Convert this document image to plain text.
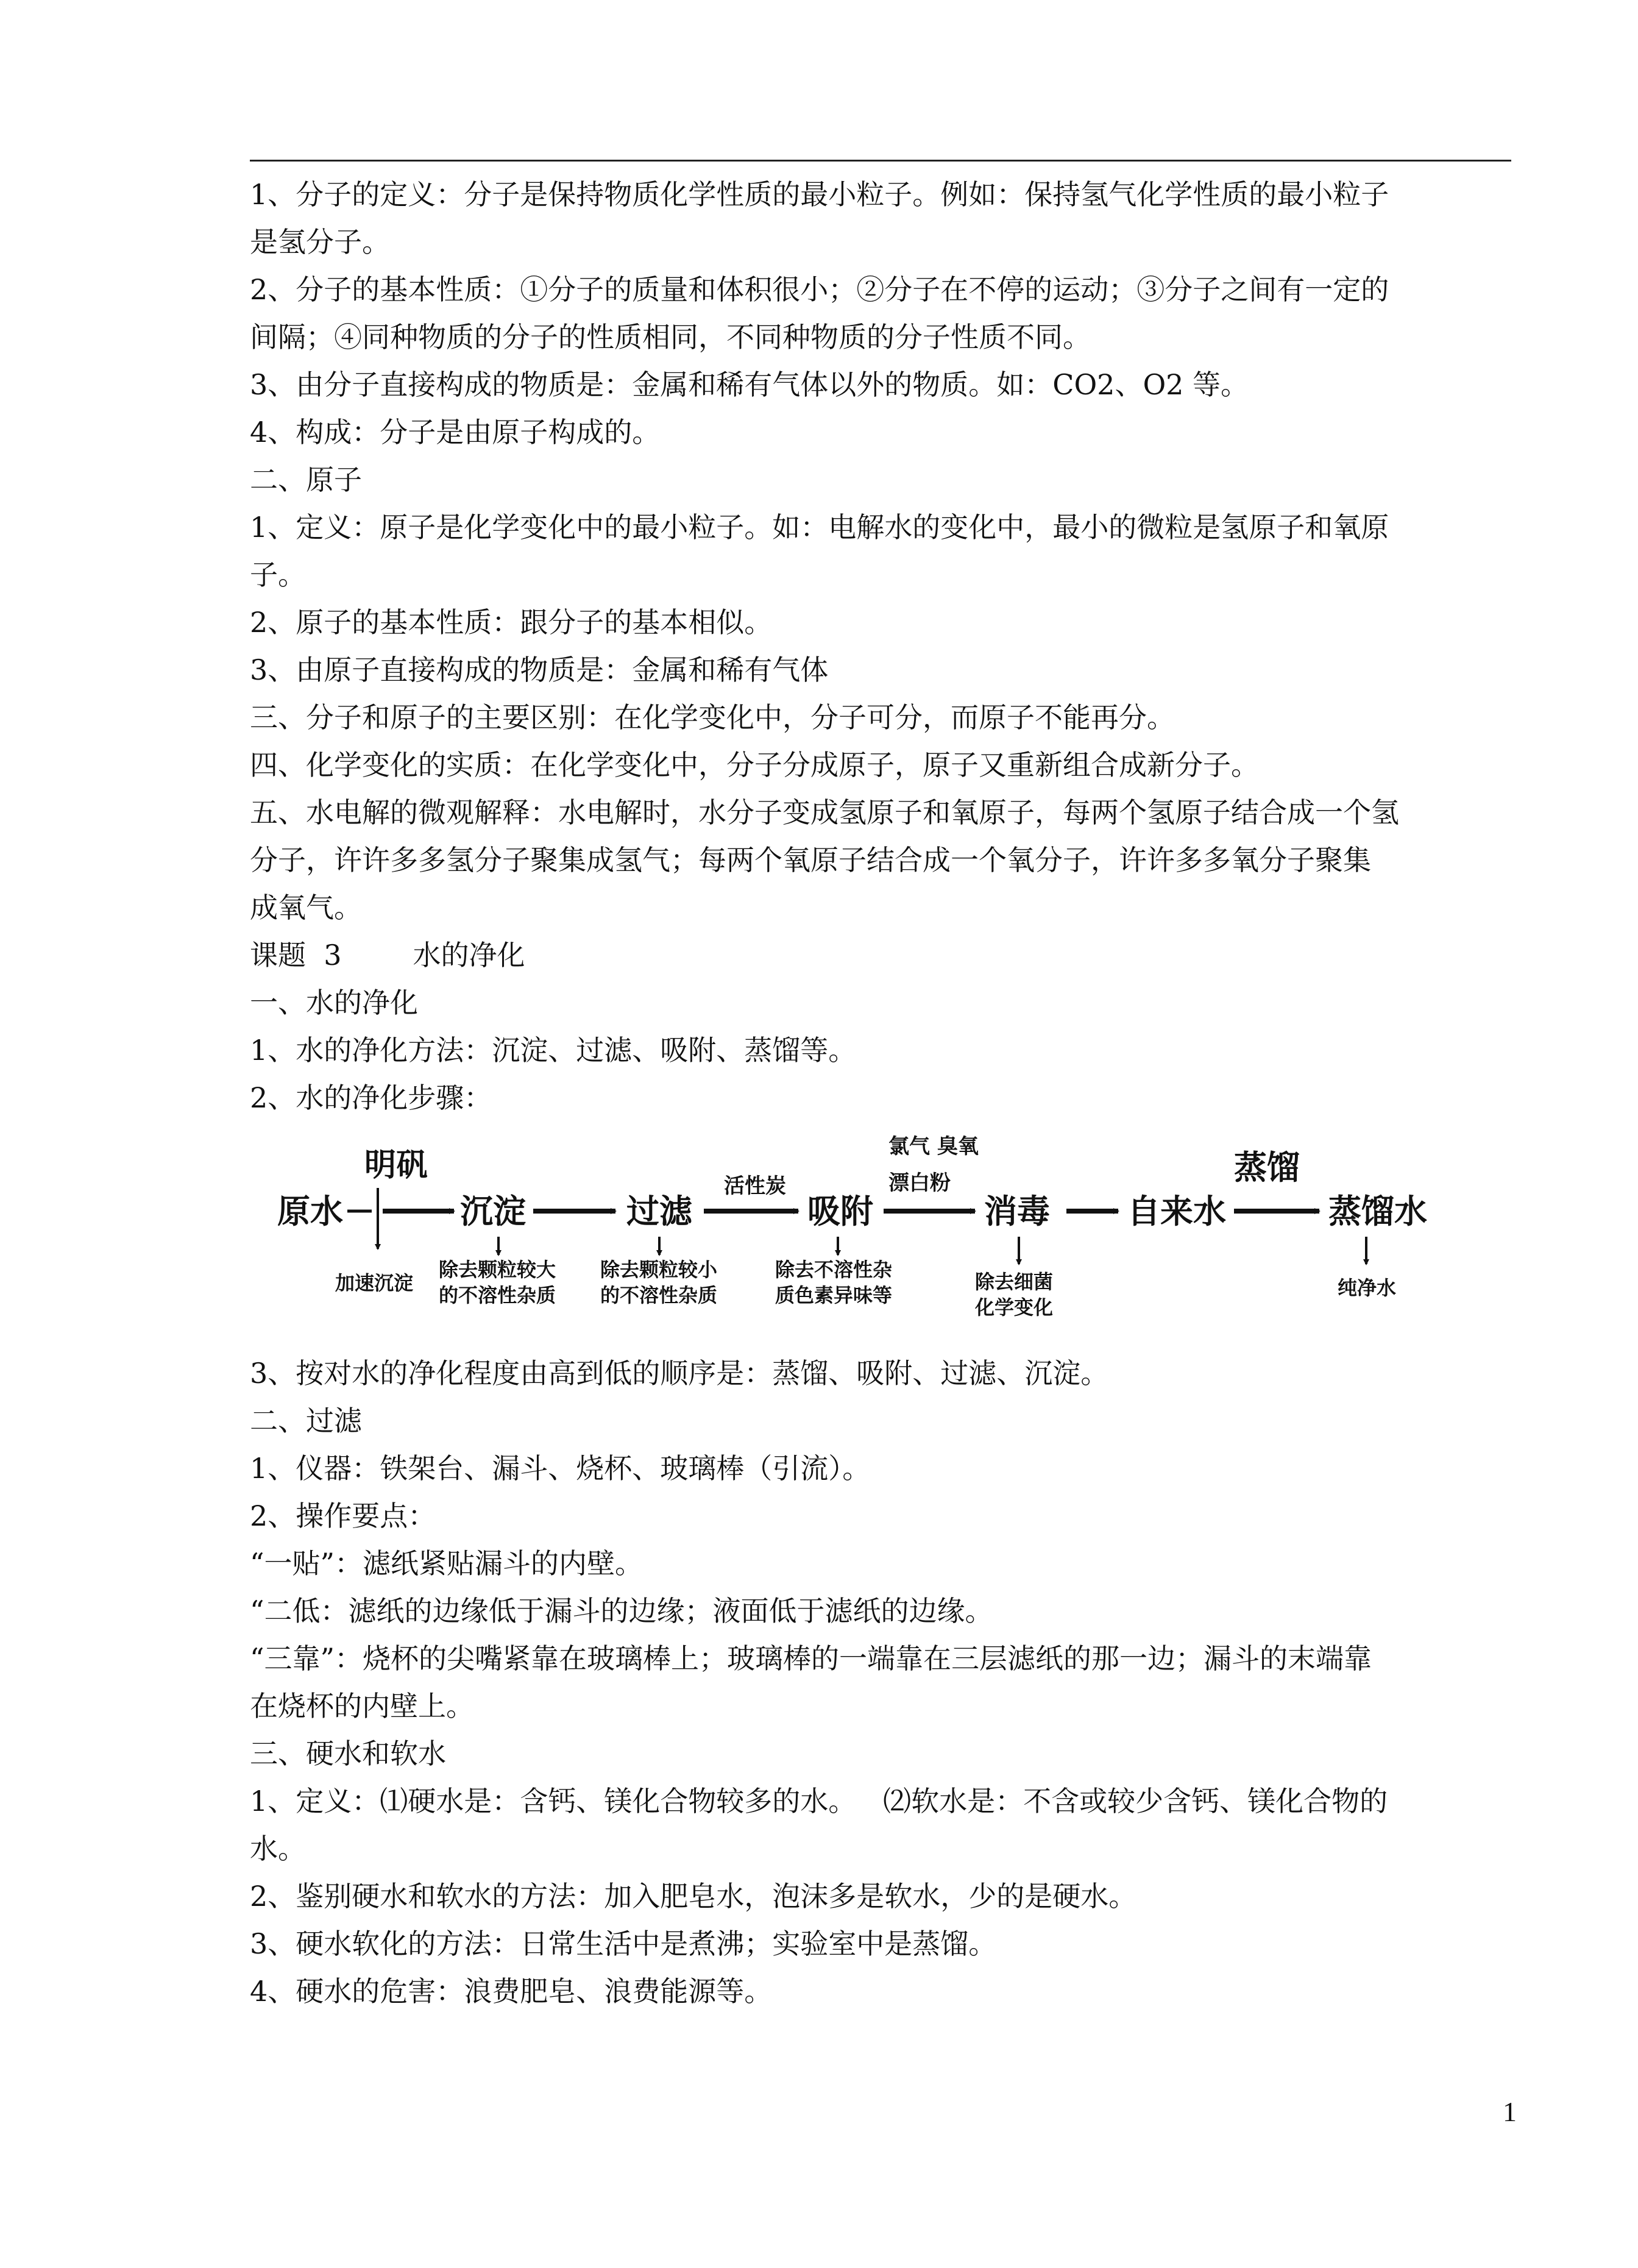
1、分子的定义：分子是保持物质化学性质的最小粒子。例如：保持氢气化学性质的最小粒子
是氢分子。
2、分子的基本性质：①分子的质量和体积很小；②分子在不停的运动；③分子之间有一定的
间隔；④同种物质的分子的性质相同，不同种物质的分子性质不同。
3、由分子直接构成的物质是：金属和稀有气体以外的物质。如：CO2、O2 等。
4、构成：分子是由原子构成的。
二、原子
1、定义：原子是化学变化中的最小粒子。如：电解水的变化中，最小的微粒是氢原子和氧原
子。
2、原子的基本性质：跟分子的基本相似。
3、由原子直接构成的物质是：金属和稀有气体
三、分子和原子的主要区别：在化学变化中，分子可分，而原子不能再分。
四、化学变化的实质：在化学变化中，分子分成原子，原子又重新组合成新分子。
五、水电解的微观解释：水电解时，水分子变成氢原子和氧原子，每两个氢原子结合成一个氢
分子，许许多多氢分子聚集成氢气；每两个氧原子结合成一个氧分子，许许多多氧分子聚集
成氧气。
课题  3        水的净化
一、水的净化
1、水的净化方法：沉淀、过滤、吸附、蒸馏等。
2、水的净化步骤：
原水
明矾
沉淀	过滤
活性炭
吸附
氯气 臭氧
漂白粉
消毒 自来水
蒸馏
蒸馏水
加速沉淀
除去颗粒较大
的不溶性杂质
除去颗粒较小
的不溶性杂质
除去不溶性杂
质色素异味等
除去细菌
化学变化
纯净水
3、按对水的净化程度由高到低的顺序是：蒸馏、吸附、过滤、沉淀。
二、过滤
1、仪器：铁架台、漏斗、烧杯、玻璃棒（引流）。
2、操作要点：
“一贴”：滤纸紧贴漏斗的内壁。
“二低：滤纸的边缘低于漏斗的边缘；液面低于滤纸的边缘。
“三靠”：烧杯的尖嘴紧靠在玻璃棒上；玻璃棒的一端靠在三层滤纸的那一边；漏斗的末端靠
在烧杯的内壁上。
三、硬水和软水
1、定义：⑴硬水是：含钙、镁化合物较多的水。   ⑵软水是：不含或较少含钙、镁化合物的
水。
2、鉴别硬水和软水的方法：加入肥皂水，泡沫多是软水，少的是硬水。
3、硬水软化的方法：日常生活中是煮沸；实验室中是蒸馏。
4、硬水的危害：浪费肥皂、浪费能源等。
1
